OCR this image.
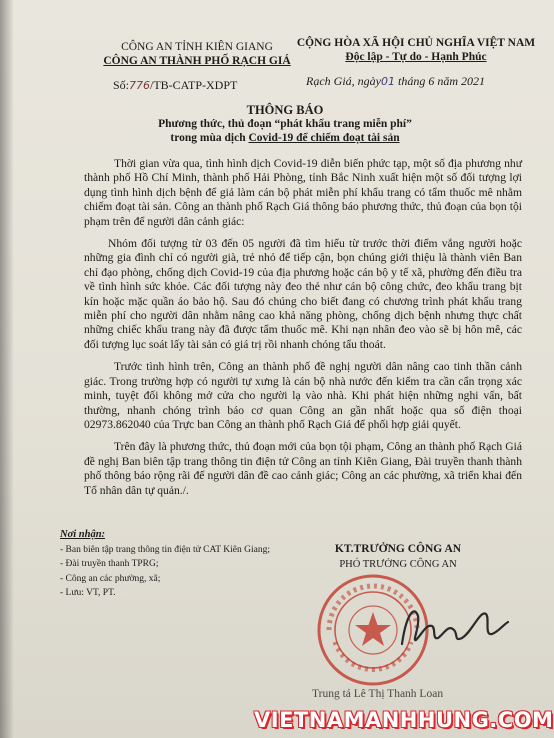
CÔNG AN TỈNH KIÊN GIANG
CÔNG AN THÀNH PHỐ RẠCH GIÁ
CỘNG HÒA XÃ HỘI CHỦ NGHĨA VIỆT NAM
Độc lập - Tự do - Hạnh Phúc
Số:776/TB-CATP-XDPT	Rạch Giá, ngày01 tháng 6 năm 2021
THÔNG BÁO
Phương thức, thủ đoạn “phát khẩu trang miễn phí”
trong mùa dịch Covid-19 để chiếm đoạt tài sản

Thời gian vừa qua, tình hình dịch Covid-19 diễn biến phức tạp, một số địa phương như thành phố Hồ Chí Minh, thành phố Hải Phòng, tỉnh Bắc Ninh xuất hiện một số đối tượng lợi dụng tình hình dịch bệnh để giả làm cán bộ phát miễn phí khẩu trang có tẩm thuốc mê nhằm chiếm đoạt tài sản. Công an thành phố Rạch Giá thông báo phương thức, thủ đoạn của bọn tội phạm trên để người dân cảnh giác:

Nhóm đối tượng từ 03 đến 05 người đã tìm hiểu từ trước thời điểm vắng người hoặc những gia đình chỉ có người già, trẻ nhỏ để tiếp cận, bọn chúng giới thiệu là thành viên Ban chỉ đạo phòng, chống dịch Covid-19 của địa phương hoặc cán bộ y tế xã, phường đến điều tra về tình hình sức khỏe. Các đối tượng này đeo thẻ như cán bộ công chức, đeo khẩu trang bịt kín hoặc mặc quần áo bảo hộ. Sau đó chúng cho biết đang có chương trình phát khẩu trang miễn phí cho người dân nhằm nâng cao khả năng phòng, chống dịch bệnh nhưng thực chất những chiếc khẩu trang này đã được tẩm thuốc mê. Khi nạn nhân đeo vào sẽ bị hôn mê, các đối tượng lục soát lấy tài sản có giá trị rồi nhanh chóng tẩu thoát.

Trước tình hình trên, Công an thành phố đề nghị người dân nâng cao tinh thần cảnh giác. Trong trường hợp có người tự xưng là cán bộ nhà nước đến kiểm tra cần cẩn trọng xác minh, tuyệt đối không mở cửa cho người lạ vào nhà. Khi phát hiện những nghi vấn, bất thường, nhanh chóng trình báo cơ quan Công an gần nhất hoặc qua số điện thoại 02973.862040 của Trực ban Công an thành phố Rạch Giá để phối hợp giải quyết.

Trên đây là phương thức, thủ đoạn mới của bọn tội phạm, Công an thành phố Rạch Giá đề nghị Ban biên tập trang thông tin điện tử Công an tỉnh Kiên Giang, Đài truyền thanh thành phố thông báo rộng rãi để người dân đề cao cảnh giác; Công an các phường, xã triển khai đến Tổ nhân dân tự quản./.

Nơi nhận:
- Ban biên tập trang thông tin điện tử CAT Kiên Giang;
- Đài truyền thanh TPRG;
- Công an các phường, xã;
- Lưu: VT, PT.
KT.TRƯỞNG CÔNG AN
PHÓ TRƯỞNG CÔNG AN
Trung tá Lê Thị Thanh Loan
VIETNAMANHHUNG.COM
